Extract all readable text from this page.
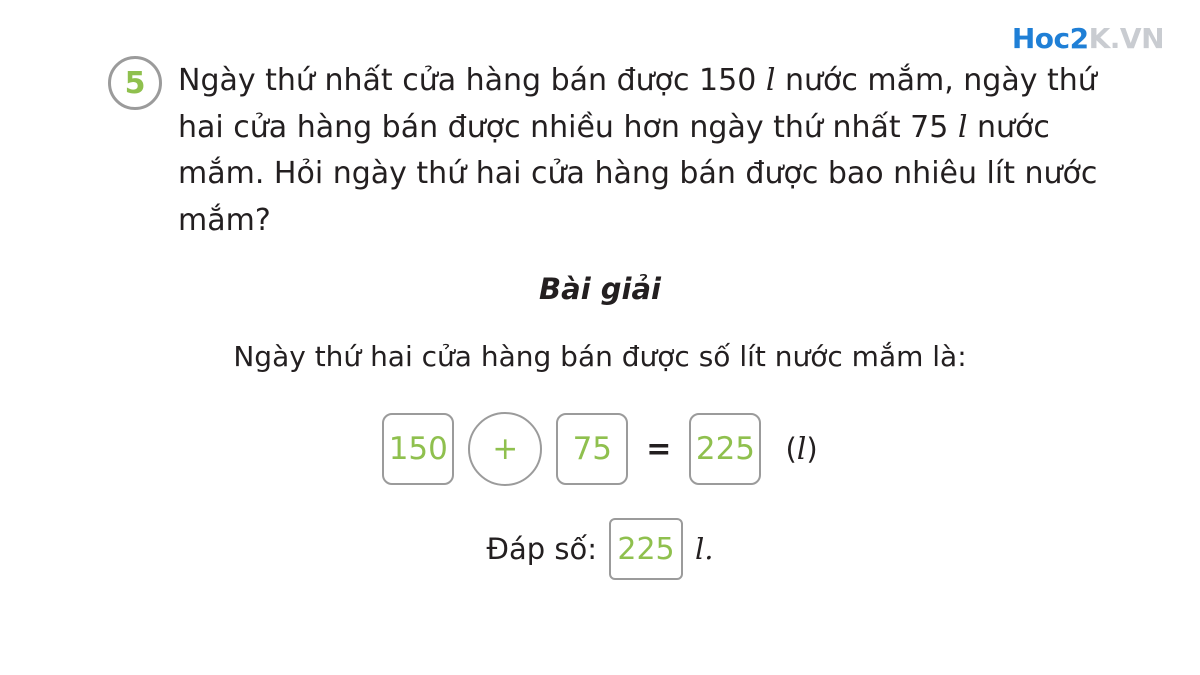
Hoc2 K.VN
5	Ngày thứ nhất cửa hàng bán được 150 l nước mắm, ngày thứ hai cửa hàng bán được nhiều hơn ngày thứ nhất 75 l nước mắm. Hỏi ngày thứ hai cửa hàng bán được bao nhiêu lít nước mắm?
Bài giải
Ngày thứ hai cửa hàng bán được số lít nước mắm là:
150	+	75	= 225	(l)
Đáp số: 225 l.
